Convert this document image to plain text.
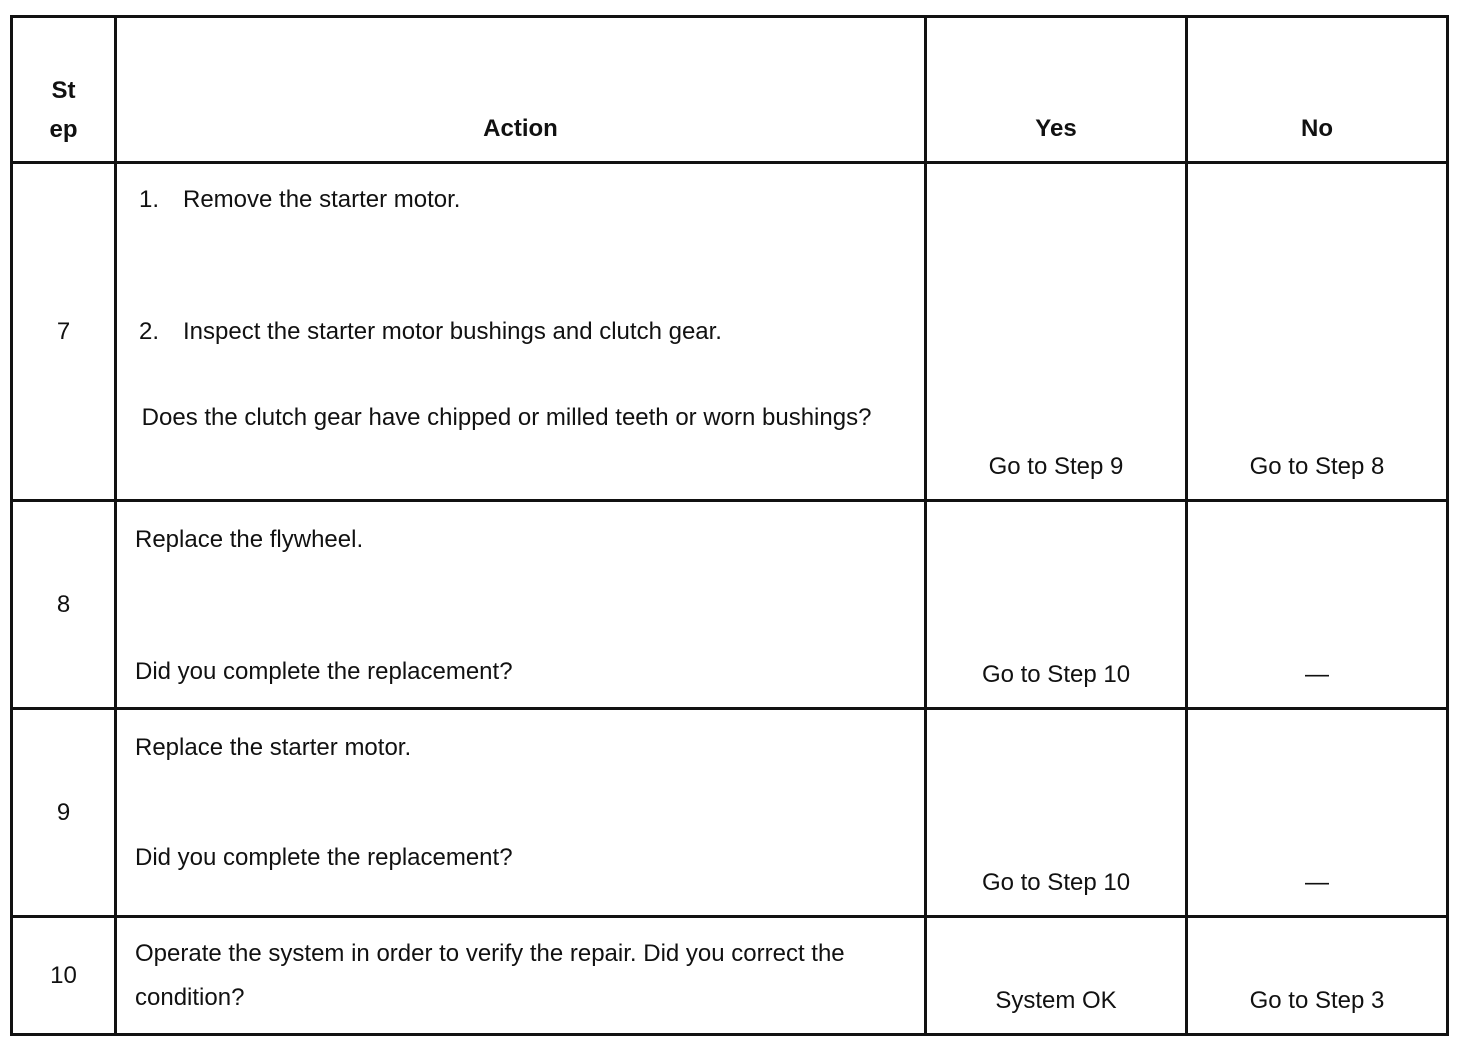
St
ep	Action	Yes	No

7	1. Remove the starter motor.
2. Inspect the starter motor bushings and clutch gear.
Does the clutch gear have chipped or milled teeth or worn bushings?	Go to Step 9	Go to Step 8

8	Replace the flywheel.
Did you complete the replacement?	Go to Step 10	—

9	Replace the starter motor.
Did you complete the replacement?	Go to Step 10	—

10	Operate the system in order to verify the repair. Did you correct the condition?	System OK	Go to Step 3
